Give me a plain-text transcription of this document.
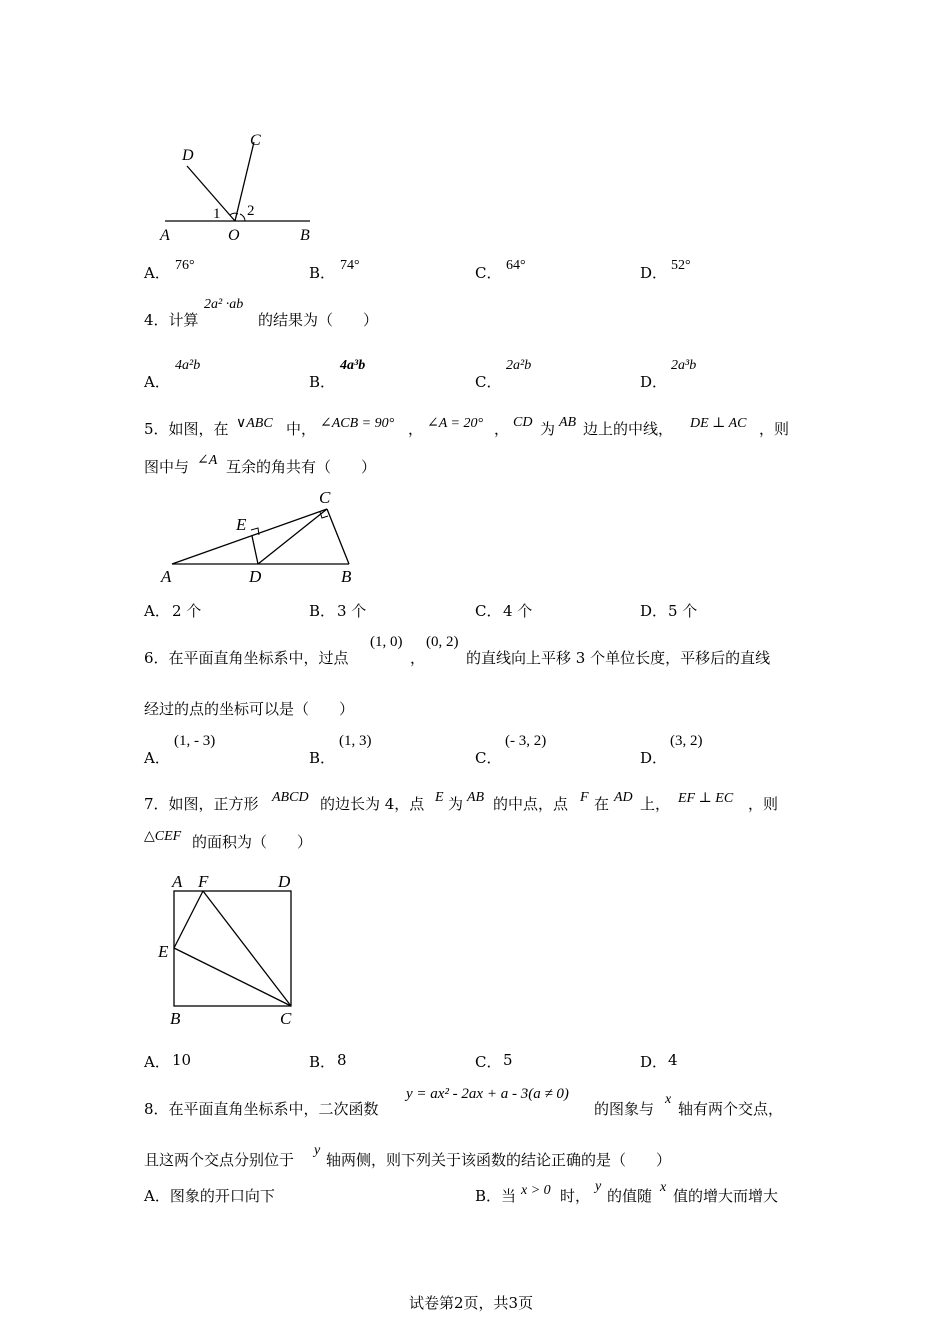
D
C
1 2
A	O	B
A． 76°	B． 74°	C． 64°	D． 52°
4．计算
2a² ·ab
的结果为（　　）
A．
4a²b
B．
4a³b
C．
2a²b
D．
2a³b
5．如图，在 ∨ABC 中， ∠ACB = 90° ， ∠A = 20° ， CD 为 AB 边上的中线， DE ⊥ AC ，则
图中与 ∠A 互余的角共有（　　）
A	D	B
C
E
A． 2 个	B． 3 个	C． 4 个	D． 5 个
6．在平面直角坐标系中，过点
(1, 0)
，
(0, 2)
的直线向上平移 3 个单位长度，平移后的直线
经过的点的坐标可以是（　　）
A．
(1, - 3)
B．
(1, 3)
C．
(- 3, 2)
D．
(3, 2)
7．如图，正方形 ABCD 的边长为 4，点 E 为 AB 的中点，点 F 在 AD 上， EF ⊥ EC ，则
△CEF 的面积为（　　）
A F	D
E
B	C
A． 10	B． 8	C． 5	D． 4
8．在平面直角坐标系中，二次函数
y = ax² - 2ax + a - 3(a ≠ 0)
的图象与
x
轴有两个交点，
且这两个交点分别位于
y
轴两侧，则下列关于该函数的结论正确的是（　　）
A．图象的开口向下	B．当 x > 0 时，
y
的值随 x 值的增大而增大
试卷第2页，共3页
